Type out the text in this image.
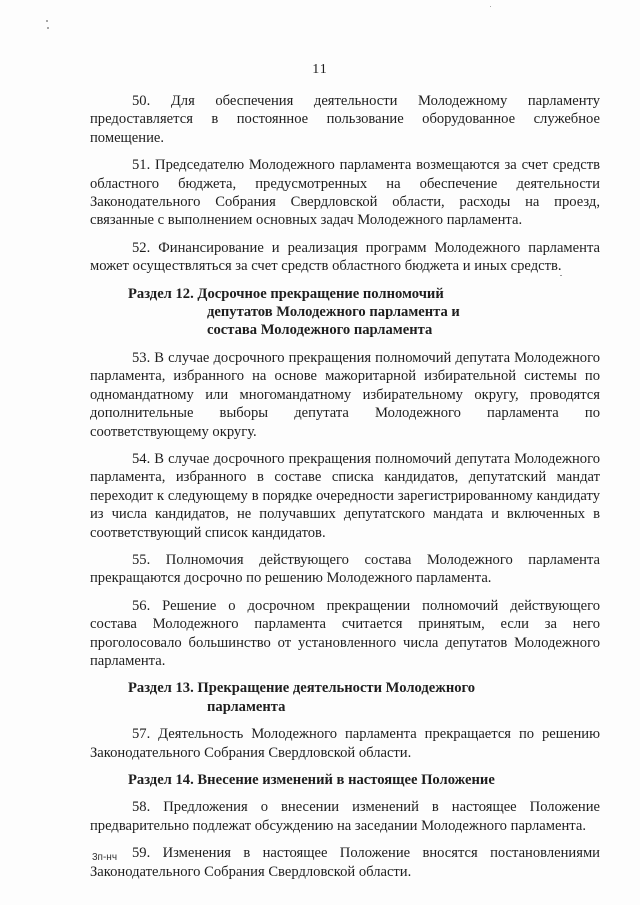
11

50. Для обеспечения деятельности Молодежному парламенту предоставляется в постоянное пользование оборудованное служебное помещение.

51. Председателю Молодежного парламента возмещаются за счет средств областного бюджета, предусмотренных на обеспечение деятельности Законодательного Собрания Свердловской области, расходы на проезд, связанные с выполнением основных задач Молодежного парламента.

52. Финансирование и реализация программ Молодежного парламента может осуществляться за счет средств областного бюджета и иных средств.

Раздел 12. Досрочное прекращение полномочий
депутатов Молодежного парламента и
состава Молодежного парламента

53. В случае досрочного прекращения полномочий депутата Молодежного парламента, избранного на основе мажоритарной избирательной системы по одномандатному или многомандатному избирательному округу, проводятся дополнительные выборы депутата Молодежного парламента по соответствующему округу.

54. В случае досрочного прекращения полномочий депутата Молодежного парламента, избранного в составе списка кандидатов, депутатский мандат переходит к следующему в порядке очередности зарегистрированному кандидату из числа кандидатов, не получавших депутатского мандата и включенных в соответствующий список кандидатов.

55. Полномочия действующего состава Молодежного парламента прекращаются досрочно по решению Молодежного парламента.

56. Решение о досрочном прекращении полномочий действующего состава Молодежного парламента считается принятым, если за него проголосовало большинство от установленного числа депутатов Молодежного парламента.

Раздел 13. Прекращение деятельности Молодежного
парламента

57. Деятельность Молодежного парламента прекращается по решению Законодательного Собрания Свердловской области.

Раздел 14. Внесение изменений в настоящее Положение

58. Предложения о внесении изменений в настоящее Положение предварительно подлежат обсуждению на заседании Молодежного парламента.

59. Изменения в настоящее Положение вносятся постановлениями Законодательного Собрания Свердловской области.

3п-нч
